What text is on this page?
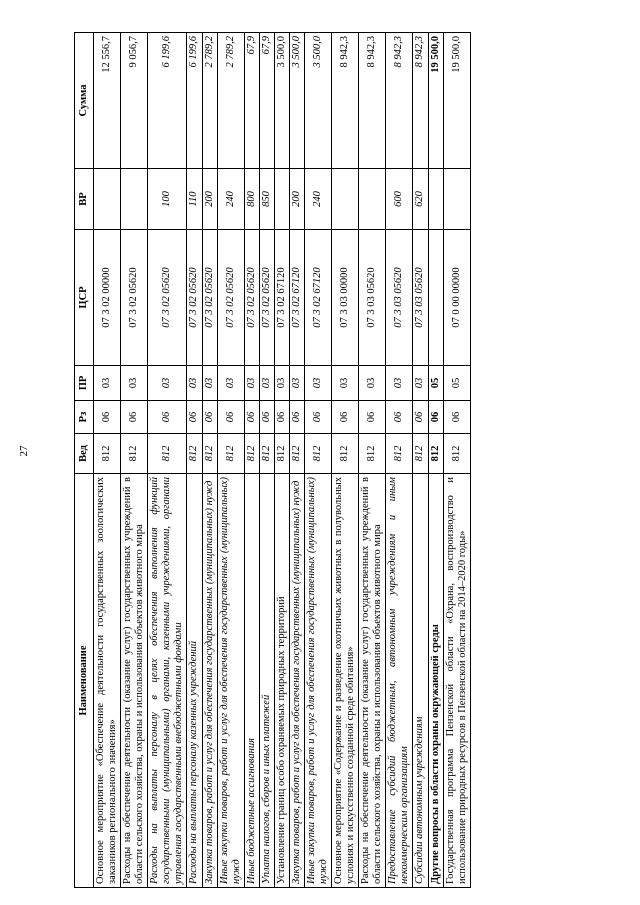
27
Наименование	Вед	Рз	ПР	ЦСР	ВР	Сумма
Основное мероприятие «Обеспечение деятельности государственных зоологических заказников регионального значения»	812	06	03	07 3 02 00000		12 556,7
Расходы на обеспечение деятельности (оказание услуг) государственных учреждений в области сельского хозяйства, охраны и использования объектов животного мира	812	06	03	07 3 02 05620		9 056,7
Расходы на выплаты персоналу в целях обеспечения выполнения функций государственными (муниципальными) органами, казенными учреждениями, органами управления государственными внебюджетными фондами	812	06	03	07 3 02 05620	100	6 199,6
Расходы на выплаты персоналу казенных учреждений	812	06	03	07 3 02 05620	110	6 199,6
Закупка товаров, работ и услуг для обеспечения государственных (муниципальных) нужд	812	06	03	07 3 02 05620	200	2 789,2
Иные закупки товаров, работ и услуг для обеспечения государственных (муниципальных) нужд	812	06	03	07 3 02 05620	240	2 789,2
Иные бюджетные ассигнования	812	06	03	07 3 02 05620	800	67,9
Уплата налогов, сборов и иных платежей	812	06	03	07 3 02 05620	850	67,9
Установление границ особо охраняемых природных территорий	812	06	03	07 3 02 67120		3 500,0
Закупка товаров, работ и услуг для обеспечения государственных (муниципальных) нужд	812	06	03	07 3 02 67120	200	3 500,0
Иные закупки товаров, работ и услуг для обеспечения государственных (муниципальных) нужд	812	06	03	07 3 02 67120	240	3 500,0
Основное мероприятие «Содержание и разведение охотничьих животных в полувольных условиях и искусственно созданной среде обитания»	812	06	03	07 3 03 00000		8 942,3
Расходы на обеспечение деятельности (оказание услуг) государственных учреждений в области сельского хозяйства, охраны и использования объектов животного мира	812	06	03	07 3 03 05620		8 942,3
Предоставление субсидий бюджетным, автономным учреждениям и иным некоммерческим организациям	812	06	03	07 3 03 05620	600	8 942,3
Субсидии автономным учреждениям	812	06	03	07 3 03 05620	620	8 942,3
Другие вопросы в области охраны окружающей среды	812	06	05			19 500,0
Государственная программа Пензенской области «Охрана, воспроизводство и использование природных ресурсов в Пензенской области на 2014–2020 годы»	812	06	05	07 0 00 00000		19 500,0
